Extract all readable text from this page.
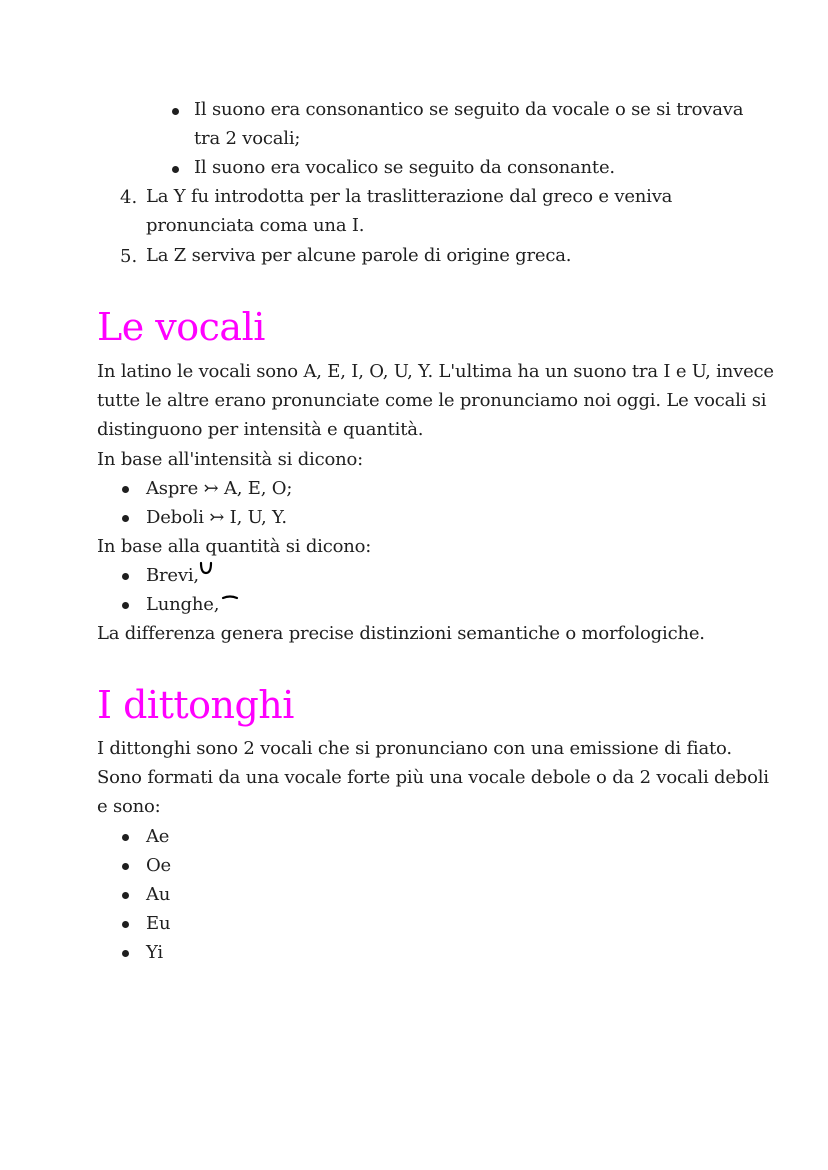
Il suono era consonantico se seguito da vocale o se si trovava
tra 2 vocali;
Il suono era vocalico se seguito da consonante.
4. La Y fu introdotta per la traslitterazione dal greco e veniva
pronunciata coma una I.
5. La Z serviva per alcune parole di origine greca.
Le vocali
In latino le vocali sono A, E, I, O, U, Y. L'ultima ha un suono tra I e U, invece
tutte le altre erano pronunciate come le pronunciamo noi oggi. Le vocali si
distinguono per intensità e quantità.
In base all'intensità si dicono:
Aspre ↣ A, E, O;
Deboli ↣ I, U, Y.
In base alla quantità si dicono:
Brevi,
Lunghe,
La differenza genera precise distinzioni semantiche o morfologiche.
I dittonghi
I dittonghi sono 2 vocali che si pronunciano con una emissione di fiato.
Sono formati da una vocale forte più una vocale debole o da 2 vocali deboli
e sono:
Ae
Oe
Au
Eu
Yi
